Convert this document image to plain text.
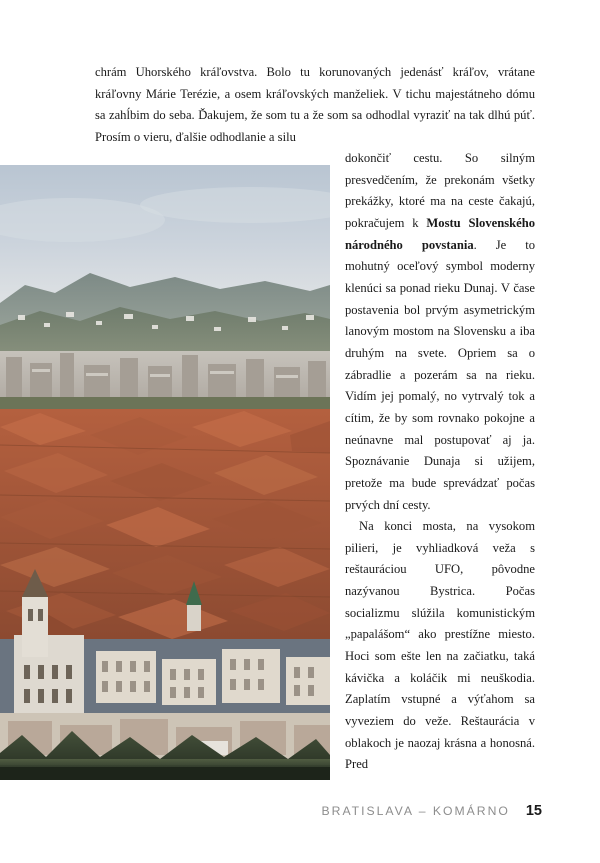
chrám Uhorského kráľovstva. Bolo tu korunovaných jedenásť kráľov, vrátane kráľovny Márie Terézie, a osem kráľovských manželiek. V tichu majestátneho dómu sa zahĺbim do seba. Ďakujem, že som tu a že som sa odhodlal vyraziť na tak dlhú púť. Prosím o vieru, ďalšie odhodlanie a silu

dokončiť cestu. So silným presvedčením, že prekonám všetky prekážky, ktoré ma na ceste čakajú, pokračujem k Mostu Slovenského národného povstania. Je to mohutný oceľový symbol moderny klenúci sa ponad rieku Dunaj. V čase postavenia bol prvým asymetrickým lanovým mostom na Slovensku a iba druhým na svete. Opriem sa o zábradlie a pozerám sa na rieku. Vidím jej pomalý, no vytrvalý tok a cítim, že by som rovnako pokojne a neúnavne mal postupovať aj ja. Spoznávanie Dunaja si užijem, pretože ma bude sprevádzať počas prvých dní cesty.

Na konci mosta, na vysokom pilieri, je vyhliadková veža s reštauráciou UFO, pôvodne nazývanou Bystrica. Počas socializmu slúžila komunistickým „papalášom“ ako prestížne miesto. Hoci som ešte len na začiatku, taká kávička a koláčik mi neuškodia. Zaplatím vstupné a výťahom sa vyveziem do veže. Reštaurácia v oblakoch je naozaj krásna a honosná. Pred

BRATISLAVA – KOMÁRNO 15
